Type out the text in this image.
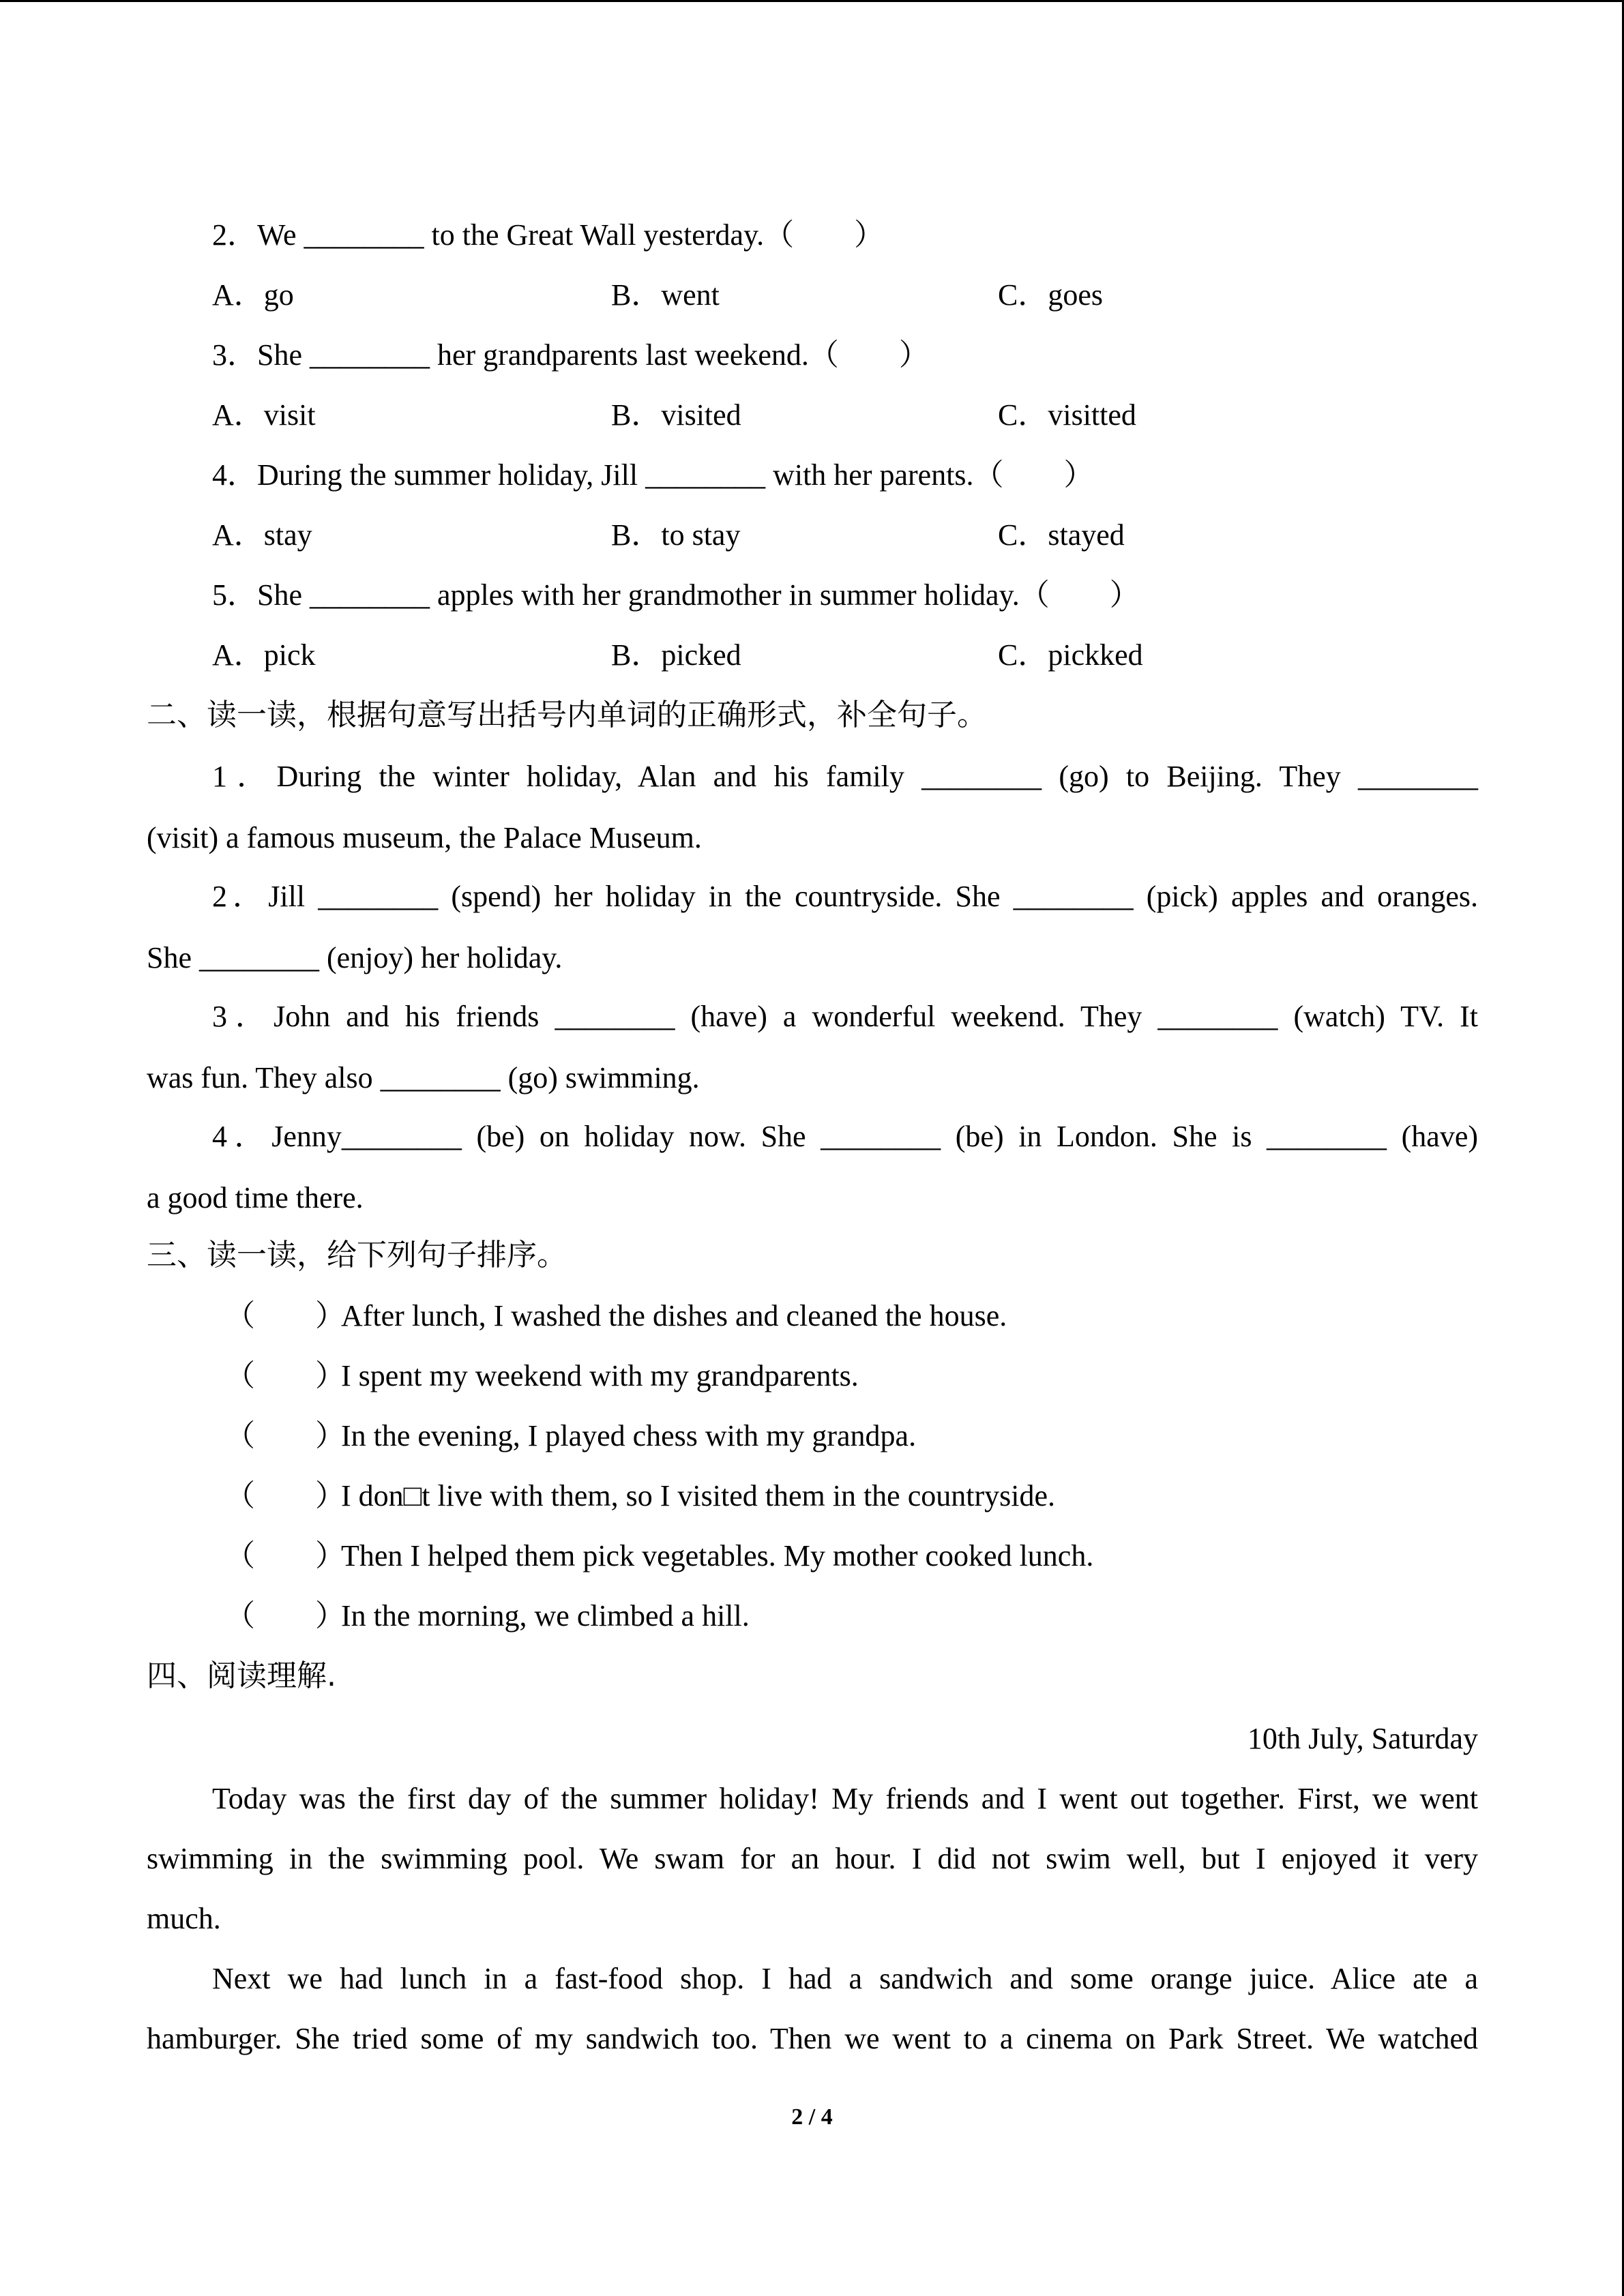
2．We ________ to the Great Wall yesterday.（　　）
A．go	B．went	C．goes
3．She ________ her grandparents last weekend.（　　）
A．visit	B．visited	C．visitted
4．During the summer holiday, Jill ________ with her parents.（　　）
A．stay	B．to stay	C．stayed
5．She ________ apples with her grandmother in summer holiday.（　　）
A．pick	B．picked	C．pickked
二、读一读，根据句意写出括号内单词的正确形式，补全句子。
1．During the winter holiday, Alan and his family ________ (go) to Beijing. They ________
(visit) a famous museum, the Palace Museum.
2．Jill ________ (spend) her holiday in the countryside. She ________ (pick) apples and oranges.
She ________ (enjoy) her holiday.
3．John and his friends ________ (have) a wonderful weekend. They ________ (watch) TV. It
was fun. They also ________ (go) swimming.
4．Jenny________ (be) on holiday now. She ________ (be) in London. She is ________ (have)
a good time there.
三、读一读，给下列句子排序。
（　　）
After lunch, I washed the dishes and cleaned the house.
（　　）
I spent my weekend with my grandparents.
（　　）
In the evening, I played chess with my grandpa.
（　　）
I don□t live with them, so I visited them in the countryside.
（　　）
Then I helped them pick vegetables. My mother cooked lunch.
（　　）
In the morning, we climbed a hill.
四、阅读理解.
10th July, Saturday
Today was the first day of the summer holiday! My friends and I went out together. First, we went
swimming in the swimming pool. We swam for an hour. I did not swim well, but I enjoyed it very
much.
Next we had lunch in a fast-food shop. I had a sandwich and some orange juice. Alice ate a
hamburger. She tried some of my sandwich too. Then we went to a cinema on Park Street. We watched
2 / 4
